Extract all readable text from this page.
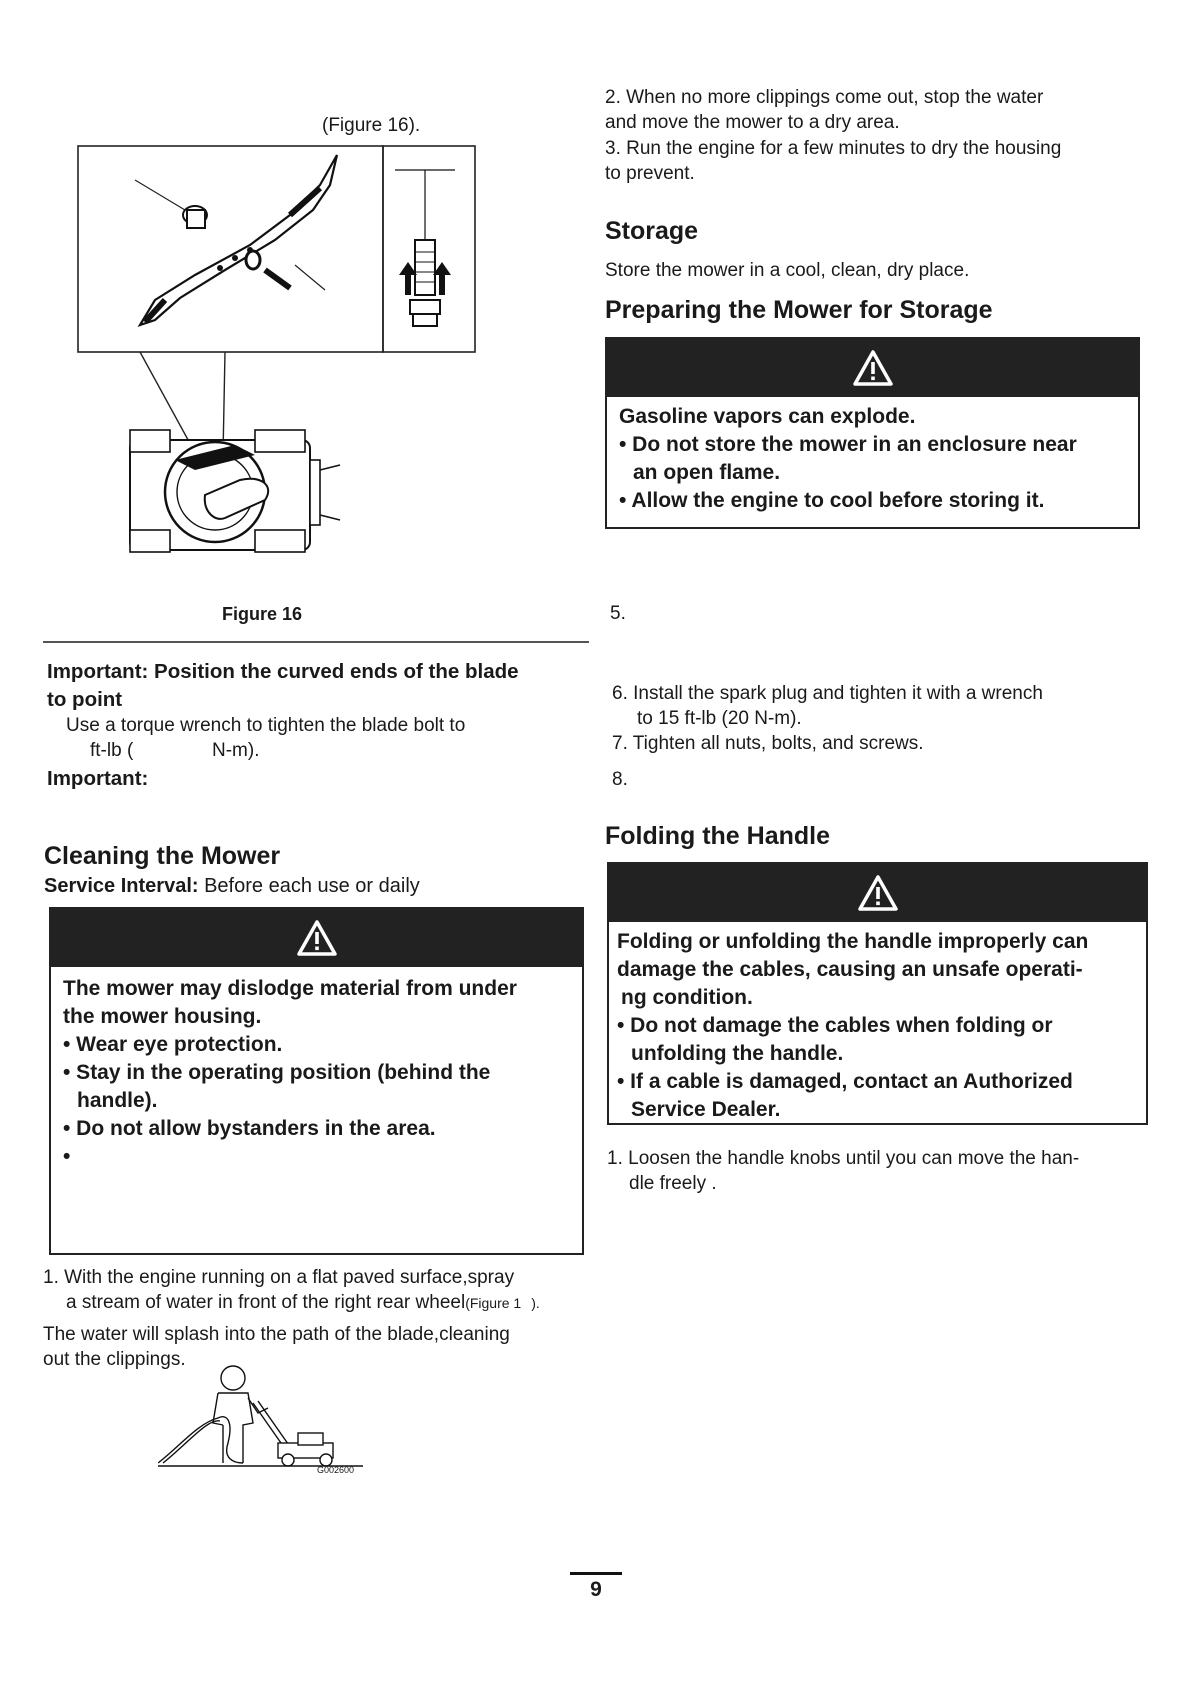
(Figure 16).
Figure 16
Important: Position the curved ends of the blade
to point
Use a torque wrench to tighten the blade bolt to
ft-lb (	N-m).
Important:
Cleaning the Mower
Service Interval: Before each use or daily
The mower may dislodge material from under
the mower housing.
• Wear eye protection.
• Stay in the operating position (behind the
handle).
• Do not allow bystanders in the area.
•
1. With the engine running on a flat paved surface,spray
a stream of water in front of the right rear wheel(Figure 1 ).
The water will splash into the path of the blade,cleaning
out the clippings.
G002600
2. When no more clippings come out, stop the water
and move the mower to a dry area.
3. Run the engine for a few minutes to dry the housing
to prevent.
Storage
Store the mower in a cool, clean, dry place.
Preparing the Mower for Storage
Gasoline vapors can explode.
• Do not store the mower in an enclosure near
an open flame.
• Allow the engine to cool before storing it.
5.
6. Install the spark plug and tighten it with a wrench
to 15 ft-lb (20 N-m).
7. Tighten all nuts, bolts, and screws.
8.
Folding the Handle
Folding or unfolding the handle improperly can
damage the cables, causing an unsafe operati-
ng condition.
• Do not damage the cables when folding or
unfolding the handle.
• If a cable is damaged, contact an Authorized
Service Dealer.
1. Loosen the handle knobs until you can move the han-
dle freely .
9
